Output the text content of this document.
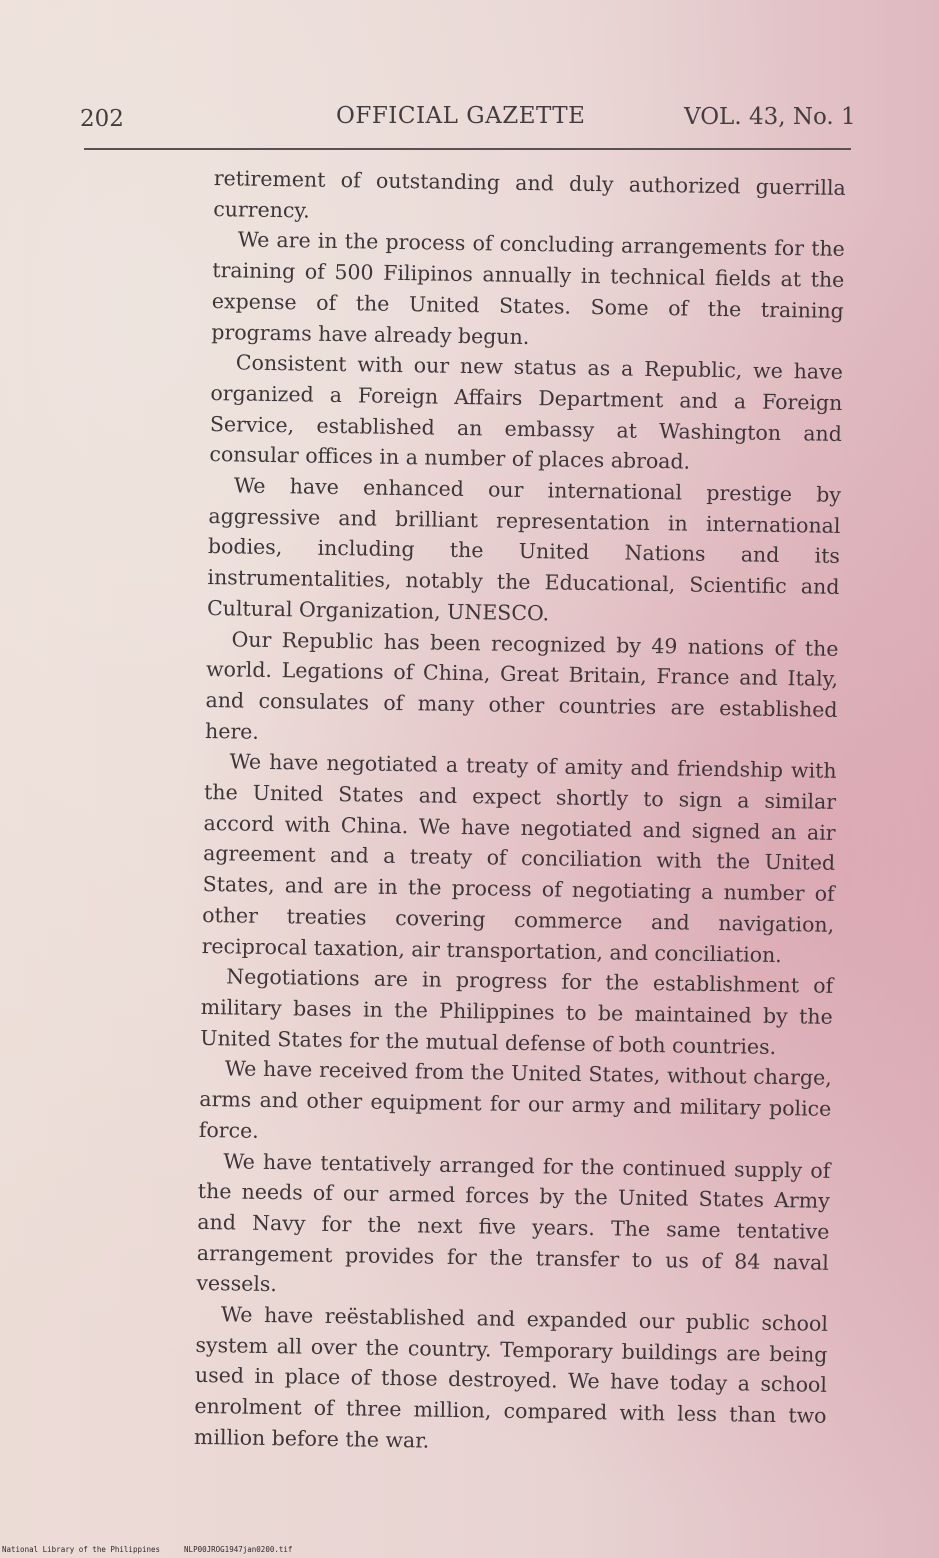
202	OFFICIAL GAZETTE	VOL. 43, No. 1

retirement of outstanding and duly authorized guerrilla currency.

We are in the process of concluding arrangements for the training of 500 Filipinos annually in technical fields at the expense of the United States. Some of the training programs have already begun.

Consistent with our new status as a Republic, we have organized a Foreign Affairs Department and a Foreign Service, established an embassy at Washington and consular offices in a number of places abroad.

We have enhanced our international prestige by aggressive and brilliant representation in international bodies, including the United Nations and its instrumentalities, notably the Educational, Scientific and Cultural Organization, UNESCO.

Our Republic has been recognized by 49 nations of the world. Legations of China, Great Britain, France and Italy, and consulates of many other countries are established here.

We have negotiated a treaty of amity and friendship with the United States and expect shortly to sign a similar accord with China. We have negotiated and signed an air agreement and a treaty of conciliation with the United States, and are in the process of negotiating a number of other treaties covering commerce and navigation, reciprocal taxation, air transportation, and conciliation.

Negotiations are in progress for the establishment of military bases in the Philippines to be maintained by the United States for the mutual defense of both countries.

We have received from the United States, without charge, arms and other equipment for our army and military police force.

We have tentatively arranged for the continued supply of the needs of our armed forces by the United States Army and Navy for the next five years. The same tentative arrangement provides for the transfer to us of 84 naval vessels.

We have reëstablished and expanded our public school system all over the country. Temporary buildings are being used in place of those destroyed. We have today a school enrolment of three million, compared with less than two million before the war.

National Library of the Philippines	NLP00JROG1947jan0200.tif
